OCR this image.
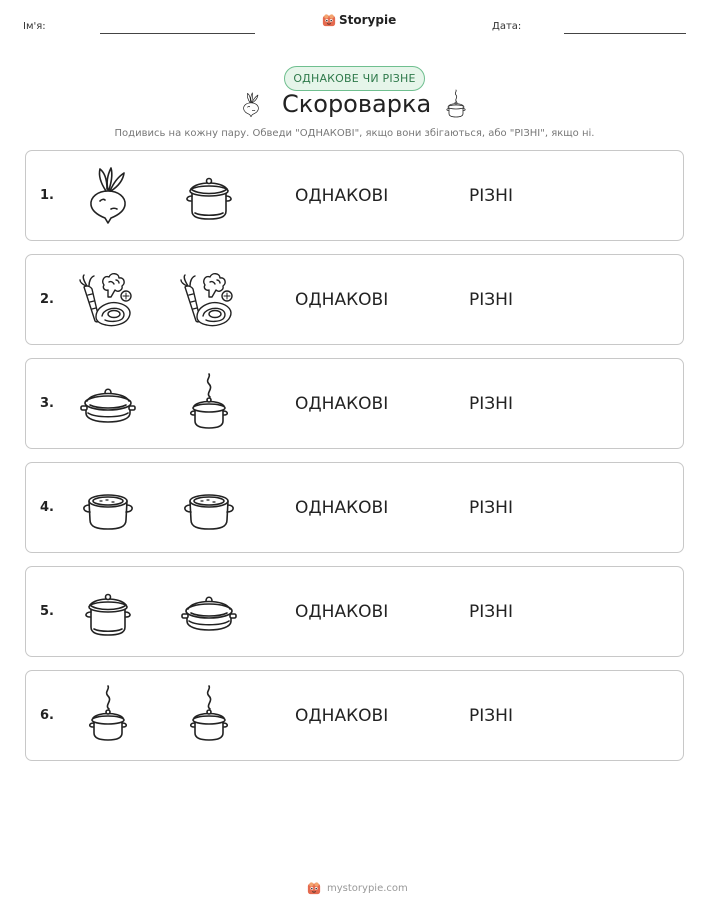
Ім'я:	Storypie	Дата:
ОДНАКОВЕ ЧИ РІЗНЕ
Скороварка
Подивись на кожну пару. Обведи "ОДНАКОВІ", якщо вони збігаються, або "РІЗНІ", якщо ні.
1.	ОДНАКОВІ	РІЗНІ
2.	ОДНАКОВІ	РІЗНІ
3.	ОДНАКОВІ	РІЗНІ
4.	ОДНАКОВІ	РІЗНІ
5.	ОДНАКОВІ	РІЗНІ
6.	ОДНАКОВІ	РІЗНІ
mystorypie.com
